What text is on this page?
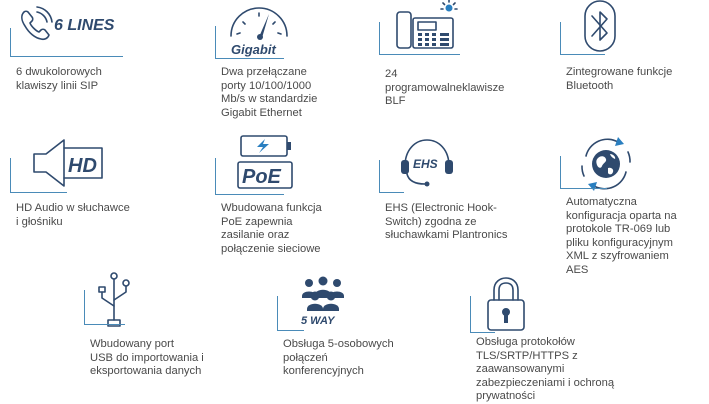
6 LINES
6 dwukolorowych
klawiszy linii SIP
Gigabit
Dwa przełączane
porty 10/100/1000
Mb/s w standardzie
Gigabit Ethernet
24
programowalneklawisze
BLF
Zintegrowane funkcje
Bluetooth
HD
HD Audio w słuchawce
i głośniku
PoE
Wbudowana funkcja
PoE zapewnia
zasilanie oraz
połączenie sieciowe
EHS
EHS (Electronic Hook-
Switch) zgodna ze
słuchawkami Plantronics
Automatyczna
konfiguracja oparta na
protokole TR-069 lub
pliku konfiguracyjnym
XML z szyfrowaniem
AES
Wbudowany port
USB do importowania i
eksportowania danych
5 WAY
Obsługa 5-osobowych
połączeń
konferencyjnych
Obsługa protokołów
TLS/SRTP/HTTPS z
zaawansowanymi
zabezpieczeniami i ochroną
prywatności
